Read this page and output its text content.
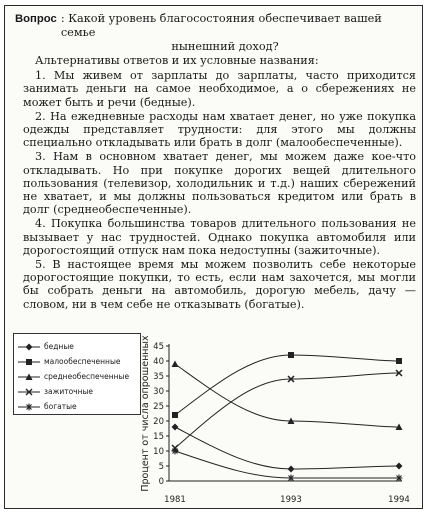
Вопрос : Какой уровень благосостояния обеспечивает вашей семье
нынешний доход?

Альтернативы ответов и их условные названия:

1. Мы живем от зарплаты до зарплаты, часто приходится занимать деньги на самое необходимое, а о сбережениях не может быть и речи (бедные).

2. На ежедневные расходы нам хватает денег, но уже покупка одежды представляет трудности: для этого мы должны специально откладывать или брать в долг (малообеспеченные).

3. Нам в основном хватает денег, мы можем даже кое-что откладывать. Но при покупке дорогих вещей длительного пользования (телевизор, холодильник и т.д.) наших сбережений не хватает, и мы должны пользоваться кредитом или брать в долг (среднеобеспеченные).

4. Покупка большинства товаров длительного пользования не вызывает у нас трудностей. Однако покупка автомобиля или дорогостоящий отпуск нам пока недоступны (зажиточные).

5. В настоящее время мы можем позволить себе некоторые дорогостоящие покупки, то есть, если нам захочется, мы могли бы собрать деньги на автомобиль, дорогую мебель, дачу — словом, ни в чем себе не отказывать (богатые).

бедные
малообеспеченные
среднеобеспеченные
зажиточные
богатые
0
5
10
15
20
25
30
35
40
45
1981	1993	1994
Процент от числа опрошенных
